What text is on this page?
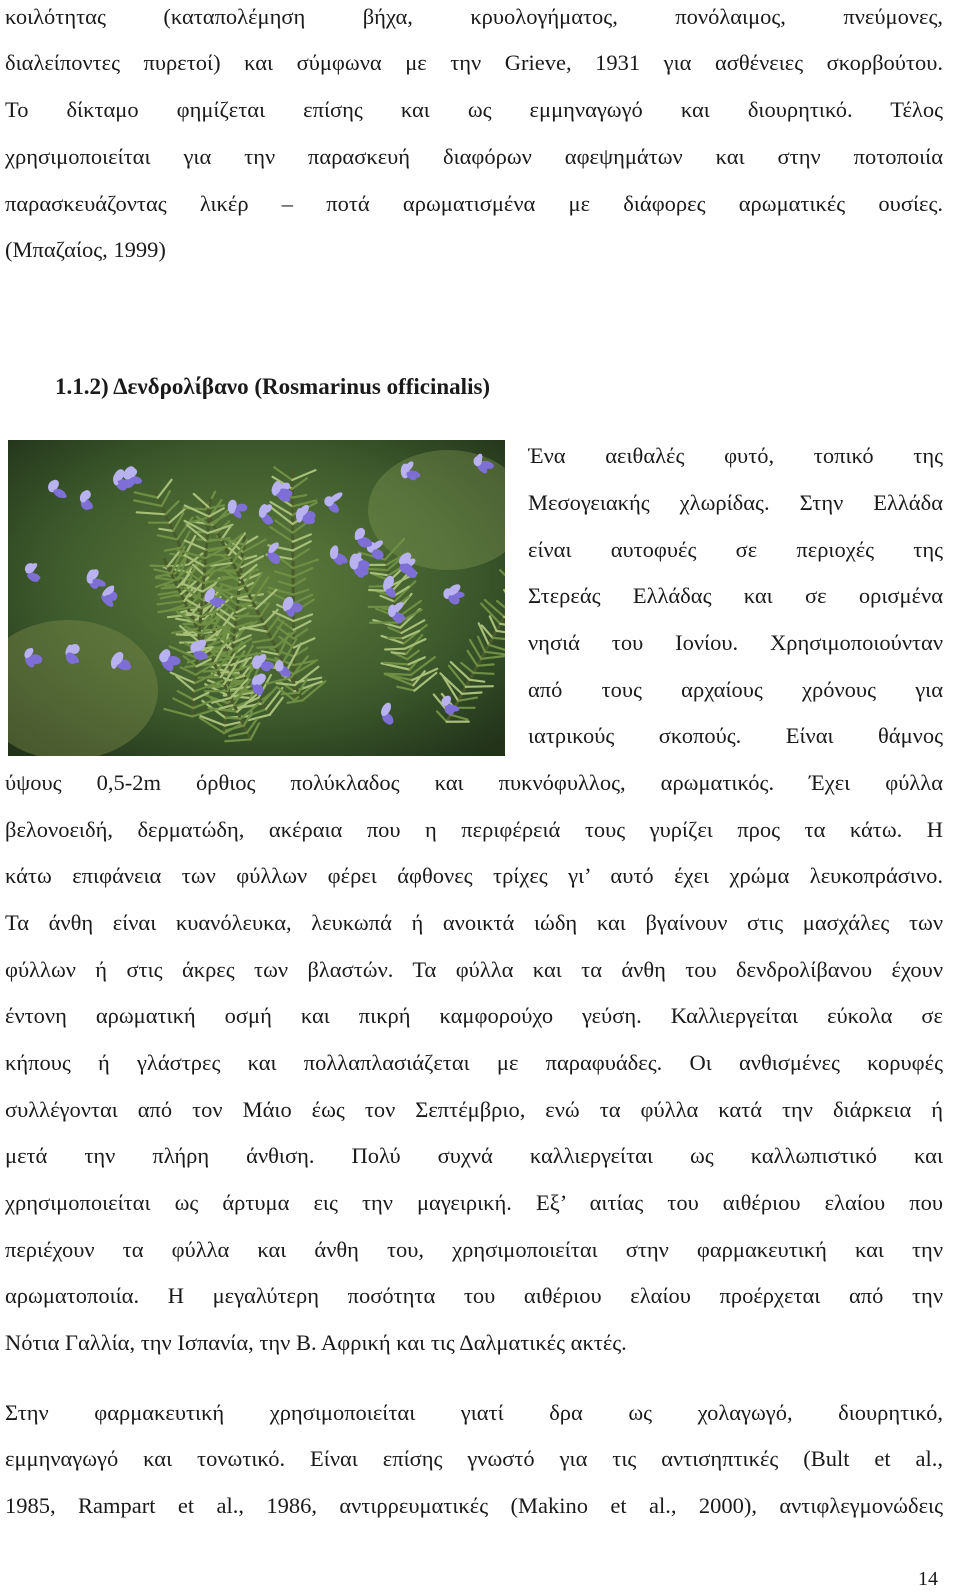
κοιλότητας (καταπολέμηση βήχα, κρυολογήματος, πονόλαιμος, πνεύμονες,
διαλείποντες πυρετοί) και σύμφωνα με την Grieve, 1931 για ασθένειες σκορβούτου.
Το δίκταμο φημίζεται επίσης και ως εμμηναγωγό και διουρητικό. Τέλος
χρησιμοποιείται για την παρασκευή διαφόρων αφεψημάτων και στην ποτοποιία
παρασκευάζοντας λικέρ – ποτά αρωματισμένα με διάφορες αρωματικές ουσίες.
(Μπαζαίος, 1999)
1.1.2) Δενδρολίβανο (Rosmarinus officinalis)
Ένα αειθαλές φυτό, τοπικό της
Μεσογειακής χλωρίδας. Στην Ελλάδα
είναι αυτοφυές σε περιοχές της
Στερεάς Ελλάδας και σε ορισμένα
νησιά του Ιονίου. Χρησιμοποιούνταν
από τους αρχαίους χρόνους για
ιατρικούς σκοπούς. Είναι θάμνος
ύψους 0,5-2m όρθιος πολύκλαδος και πυκνόφυλλος, αρωματικός. Έχει φύλλα
βελονοειδή, δερματώδη, ακέραια που η περιφέρειά τους γυρίζει προς τα κάτω. Η
κάτω επιφάνεια των φύλλων φέρει άφθονες τρίχες γι’ αυτό έχει χρώμα λευκοπράσινο.
Τα άνθη είναι κυανόλευκα, λευκωπά ή ανοικτά ιώδη και βγαίνουν στις μασχάλες των
φύλλων ή στις άκρες των βλαστών. Τα φύλλα και τα άνθη του δενδρολίβανου έχουν
έντονη αρωματική οσμή και πικρή καμφορούχο γεύση. Καλλιεργείται εύκολα σε
κήπους ή γλάστρες και πολλαπλασιάζεται με παραφυάδες. Οι ανθισμένες κορυφές
συλλέγονται από τον Μάιο έως τον Σεπτέμβριο, ενώ τα φύλλα κατά την διάρκεια ή
μετά την πλήρη άνθιση. Πολύ συχνά καλλιεργείται ως καλλωπιστικό και
χρησιμοποιείται ως άρτυμα εις την μαγειρική. Εξ’ αιτίας του αιθέριου ελαίου που
περιέχουν τα φύλλα και άνθη του, χρησιμοποιείται στην φαρμακευτική και την
αρωματοποιία. Η μεγαλύτερη ποσότητα του αιθέριου ελαίου προέρχεται από την
Νότια Γαλλία, την Ισπανία, την Β. Αφρική και τις Δαλματικές ακτές.
Στην φαρμακευτική χρησιμοποιείται γιατί δρα ως χολαγωγό, διουρητικό,
εμμηναγωγό και τονωτικό. Είναι επίσης γνωστό για τις αντισηπτικές (Bult et al.,
1985, Rampart et al., 1986, αντιρρευματικές (Makino et al., 2000), αντιφλεγμονώδεις
14
